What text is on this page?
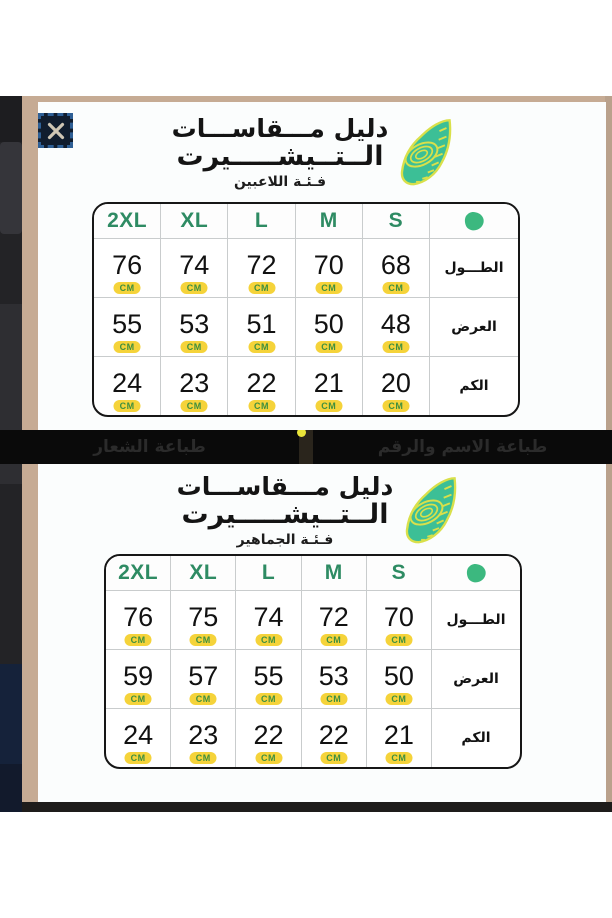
دليل مـــقاســـات
الــتــيشـــــيرت
فـئـة اللاعبين
2XL XL L M S
76
CM
74
CM
72
CM
70
CM
68
CM
الطـــول
55
CM
53
CM
51
CM
50
CM
48
CM
العرض
24
CM
23
CM
22
CM
21
CM
20
CM
الكم
دليل مـــقاســـات
الــتــيشـــــيرت
فـئـة الجماهير
2XL XL L M S
76
CM
75
CM
74
CM
72
CM
70
CM
الطـــول
59
CM
57
CM
55
CM
53
CM
50
CM
العرض
24
CM
23
CM
22
CM
22
CM
21
CM
الكم
طباعة الشعار	طباعة الاسم والرقم
